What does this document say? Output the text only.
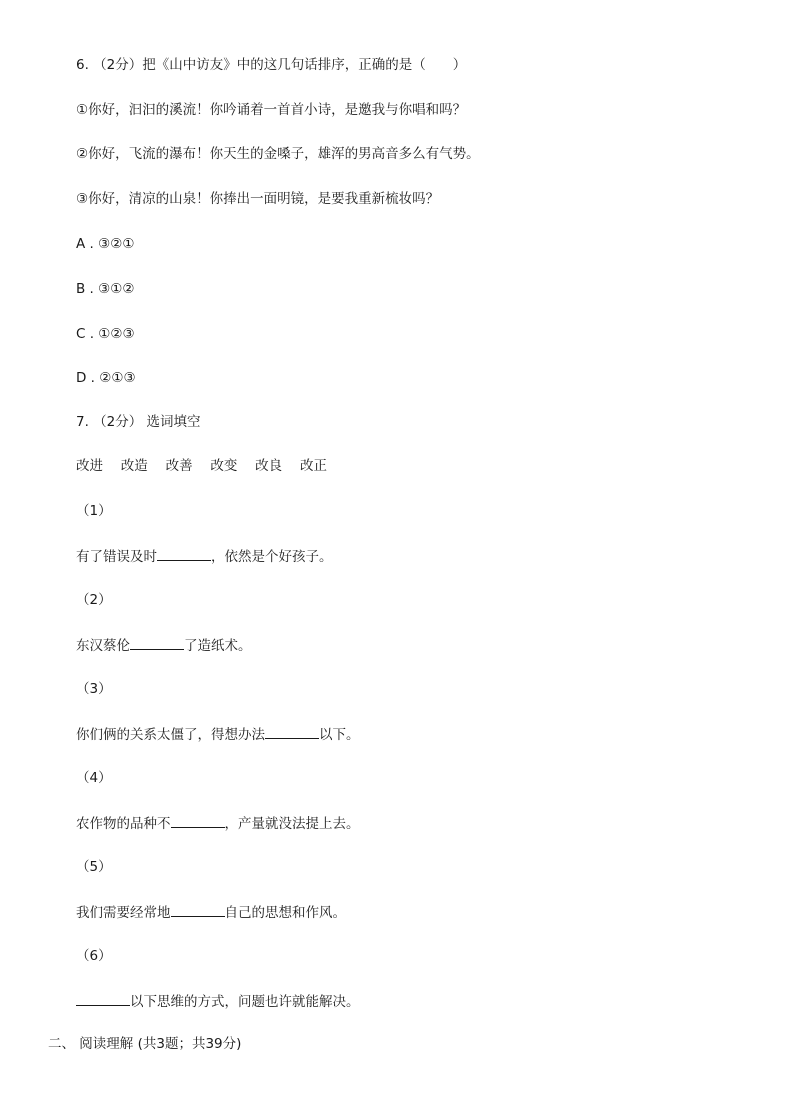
6. （2分）把《山中访友》中的这几句话排序，正确的是（　　）

①你好，汩汩的溪流！你吟诵着一首首小诗，是邀我与你唱和吗？

②你好，飞流的瀑布！你天生的金嗓子，雄浑的男高音多么有气势。

③你好，清凉的山泉！你捧出一面明镜，是要我重新梳妆吗？

A . ③②①

B . ③①②

C . ①②③

D . ②①③

7. （2分） 选词填空

改进　 改造　 改善　 改变　 改良　 改正

（1）

有了错误及时	，依然是个好孩子。

（2）

东汉蔡伦	了造纸术。

（3）

你们俩的关系太僵了，得想办法	以下。

（4）

农作物的品种不	，产量就没法提上去。

（5）

我们需要经常地	自己的思想和作风。

（6）

以下思维的方式，问题也许就能解决。

二、 阅读理解 (共3题；共39分)
